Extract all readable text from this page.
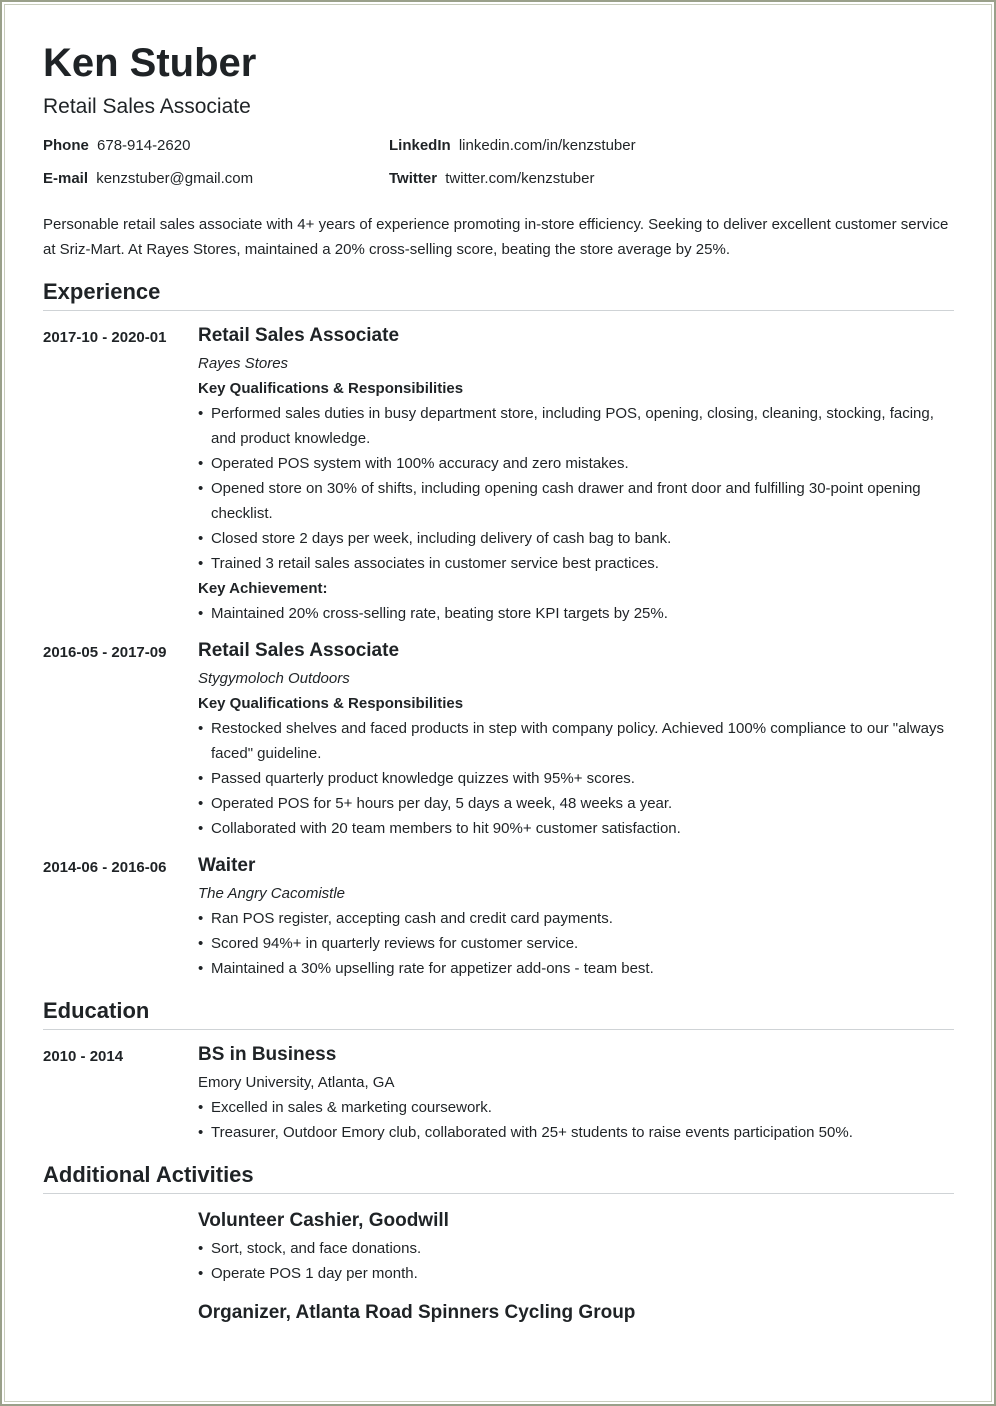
Ken Stuber
Retail Sales Associate
Phone 678-914-2620	LinkedIn linkedin.com/in/kenzstuber
E-mail kenzstuber@gmail.com	Twitter twitter.com/kenzstuber
Personable retail sales associate with 4+ years of experience promoting in-store efficiency. Seeking to deliver excellent customer service at Sriz-Mart. At Rayes Stores, maintained a 20% cross-selling score, beating the store average by 25%.
Experience
2017-10 - 2020-01	Retail Sales Associate
Rayes Stores
Key Qualifications & Responsibilities
• Performed sales duties in busy department store, including POS, opening, closing, cleaning, stocking, facing, and product knowledge.
• Operated POS system with 100% accuracy and zero mistakes.
• Opened store on 30% of shifts, including opening cash drawer and front door and fulfilling 30-point opening checklist.
• Closed store 2 days per week, including delivery of cash bag to bank.
• Trained 3 retail sales associates in customer service best practices.
Key Achievement:
• Maintained 20% cross-selling rate, beating store KPI targets by 25%.
2016-05 - 2017-09	Retail Sales Associate
Stygymoloch Outdoors
Key Qualifications & Responsibilities
• Restocked shelves and faced products in step with company policy. Achieved 100% compliance to our "always faced" guideline.
• Passed quarterly product knowledge quizzes with 95%+ scores.
• Operated POS for 5+ hours per day, 5 days a week, 48 weeks a year.
• Collaborated with 20 team members to hit 90%+ customer satisfaction.
2014-06 - 2016-06	Waiter
The Angry Cacomistle
• Ran POS register, accepting cash and credit card payments.
• Scored 94%+ in quarterly reviews for customer service.
• Maintained a 30% upselling rate for appetizer add-ons - team best.
Education
2010 - 2014	BS in Business
Emory University, Atlanta, GA
• Excelled in sales & marketing coursework.
• Treasurer, Outdoor Emory club, collaborated with 25+ students to raise events participation 50%.
Additional Activities
Volunteer Cashier, Goodwill
• Sort, stock, and face donations.
• Operate POS 1 day per month.
Organizer, Atlanta Road Spinners Cycling Group
